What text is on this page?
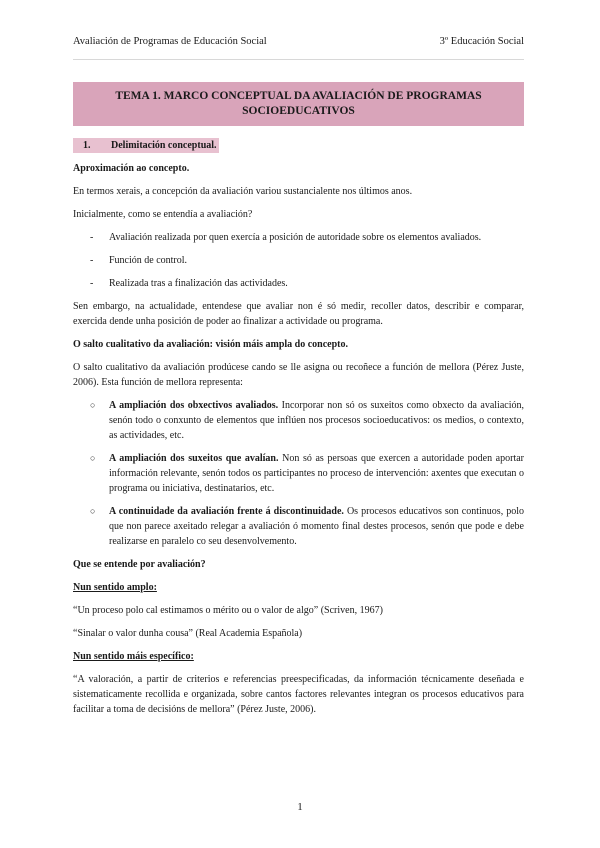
Avaliación de Programas de Educación Social	3º Educación Social
TEMA 1. MARCO CONCEPTUAL DA AVALIACIÓN DE PROGRAMAS SOCIOEDUCATIVOS
1. Delimitación conceptual.

Aproximación ao concepto.

En termos xerais, a concepción da avaliación variou sustancialente nos últimos anos.

Inicialmente, como se entendía a avaliación?

- Avaliación realizada por quen exercía a posición de autoridade sobre os elementos avaliados.

- Función de control.

- Realizada tras a finalización das actividades.

Sen embargo, na actualidade, entendese que avaliar non é só medir, recoller datos, describir e comparar, exercida dende unha posición de poder ao finalizar a actividade ou programa.

O salto cualitativo da avaliación: visión máis ampla do concepto.

O salto cualitativo da avaliación prodúcese cando se lle asigna ou recoñece a función de mellora (Pérez Juste, 2006). Esta función de mellora representa:

○ A ampliación dos obxectivos avaliados. Incorporar non só os suxeitos como obxecto da avaliación, senón todo o conxunto de elementos que inflúen nos procesos socioeducativos: os medios, o contexto, as actividades, etc.

○ A ampliación dos suxeitos que avalían. Non só as persoas que exercen a autoridade poden aportar información relevante, senón todos os participantes no proceso de intervención: axentes que executan o programa ou iniciativa, destinatarios, etc.

○ A continuidade da avaliación frente á discontinuidade. Os procesos educativos son continuos, polo que non parece axeitado relegar a avaliación ó momento final destes procesos, senón que pode e debe realizarse en paralelo co seu desenvolvemento.

Que se entende por avaliación?

Nun sentido amplo:

“Un proceso polo cal estimamos o mérito ou o valor de algo” (Scriven, 1967)

“Sinalar o valor dunha cousa” (Real Academia Española)

Nun sentido máis específico:

“A valoración, a partir de criterios e referencias preespecificadas, da información técnicamente deseñada e sistematicamente recollida e organizada, sobre cantos factores relevantes integran os procesos educativos para facilitar a toma de decisións de mellora” (Pérez Juste, 2006).

1
